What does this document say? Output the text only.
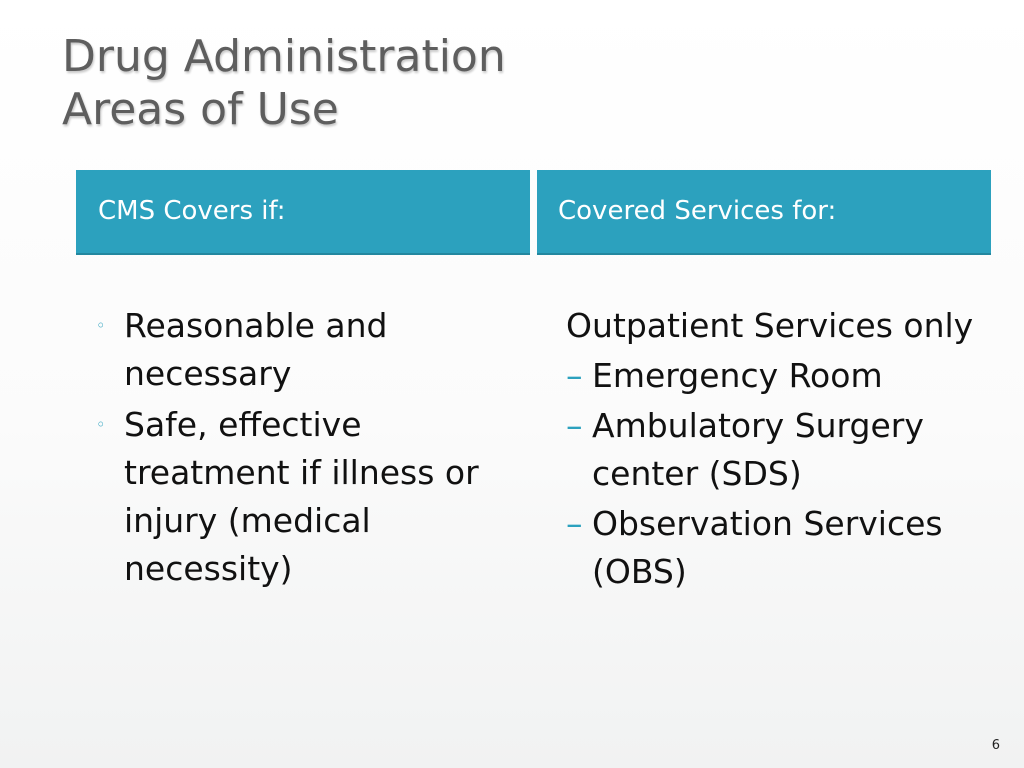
Drug Administration
Areas of Use
CMS Covers if:	Covered Services for:
◦ Reasonable and necessary
◦ Safe, effective treatment if illness or injury (medical necessity)
Outpatient Services only
– Emergency Room
– Ambulatory Surgery center (SDS)
– Observation Services (OBS)
6
